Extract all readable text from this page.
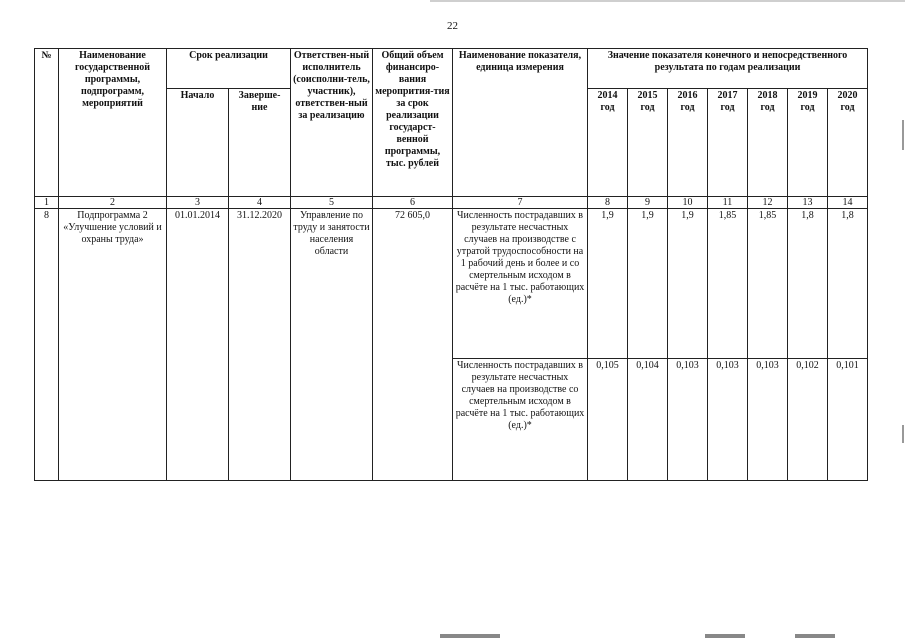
22
№	Наименование государственной программы, подпрограмм, мероприятий	Срок реализации		Ответствен-ный исполнитель (соисполни-тель, участник), ответствен-ный за реализацию	Общий объем финансиро-вания меропрития-тия за срок реализации государст-венной программы, тыс. рублей	Наименование показателя, единица измерения	Значение показателя конечного и непосредственного результата по годам реализации						
		Начало	Заверше-ние				2014 год	2015 год	2016 год	2017 год	2018 год	2019 год	2020 год
1	2	3	4	5	6	7	8	9	10	11	12	13	14
8	Подпрограмма 2 «Улучшение условий и охраны труда»	01.01.2014	31.12.2020	Управление по труду и занятости населения области	72 605,0	Численность пострадавших в результате несчастных случаев на производстве с утратой трудоспособности на 1 рабочий день и более и со смертельным исходом в расчёте на 1 тыс. работающих (ед.)*	1,9	1,9	1,9	1,85	1,85	1,8	1,8
						Численность пострадавших в результате несчастных случаев на производстве со смертельным исходом в расчёте на 1 тыс. работающих (ед.)*	0,105	0,104	0,103	0,103	0,103	0,102	0,101
